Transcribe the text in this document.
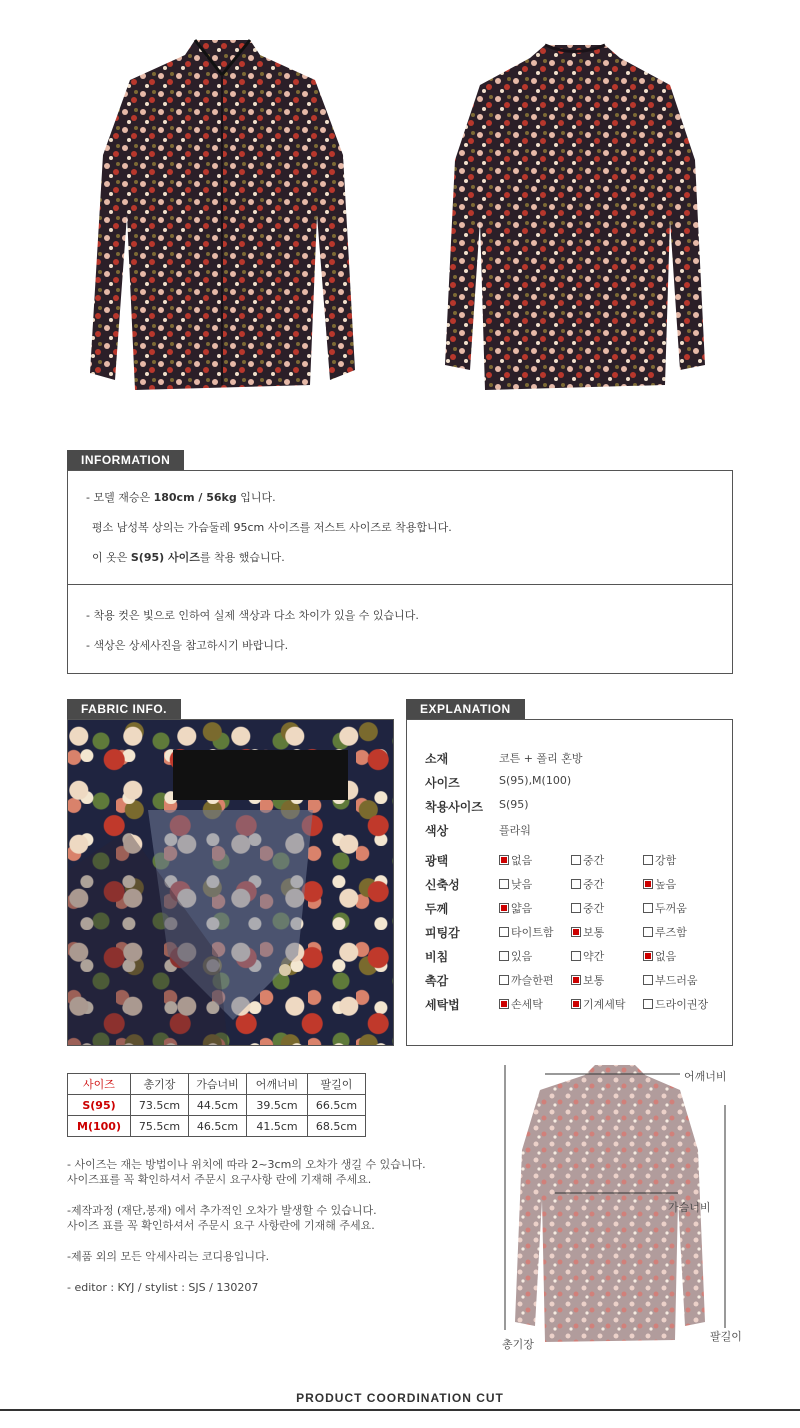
INFORMATION
- 모델 재승은 180cm / 56kg 입니다.
평소 남성복 상의는 가슴둘레 95cm 사이즈를 저스트 사이즈로 착용합니다.
이 옷은 S(95) 사이즈를 착용 했습니다.
- 착용 컷은 빛으로 인하여 실제 색상과 다소 차이가 있을 수 있습니다.
- 색상은 상세사진을 참고하시기 바랍니다.
FABRIC INFO.	EXPLANATION
소재	코튼 + 폴리 혼방
사이즈	S(95),M(100)
착용사이즈 S(95)
색상	플라워
광택	없음	중간	강함
신축성	낮음	중간	높음
두께	얇음	중간	두꺼움
피팅감	타이트함	보통	루즈함
비침	있음	약간	없음
촉감	까슬한편	보통	부드러움
세탁법	손세탁	기계세탁	드라이권장
사이즈	총기장	가슴너비	어깨너비	팔길이
S(95)	73.5cm	44.5cm	39.5cm	66.5cm
M(100)	75.5cm	46.5cm	41.5cm	68.5cm
- 사이즈는 재는 방법이나 위치에 따라 2~3cm의 오차가 생길 수 있습니다.
사이즈표를 꼭 확인하셔서 주문시 요구사항 란에 기재해 주세요.
-제작과정 (재단,봉재) 에서 추가적인 오차가 발생할 수 있습니다.
사이즈 표를 꼭 확인하셔서 주문시 요구 사항란에 기재해 주세요.
-제품 외의 모든 악세사리는 코디용입니다.
- editor : KYJ / stylist : SJS / 130207
어깨너비
가슴너비
총기장
팔길이
PRODUCT COORDINATION CUT
